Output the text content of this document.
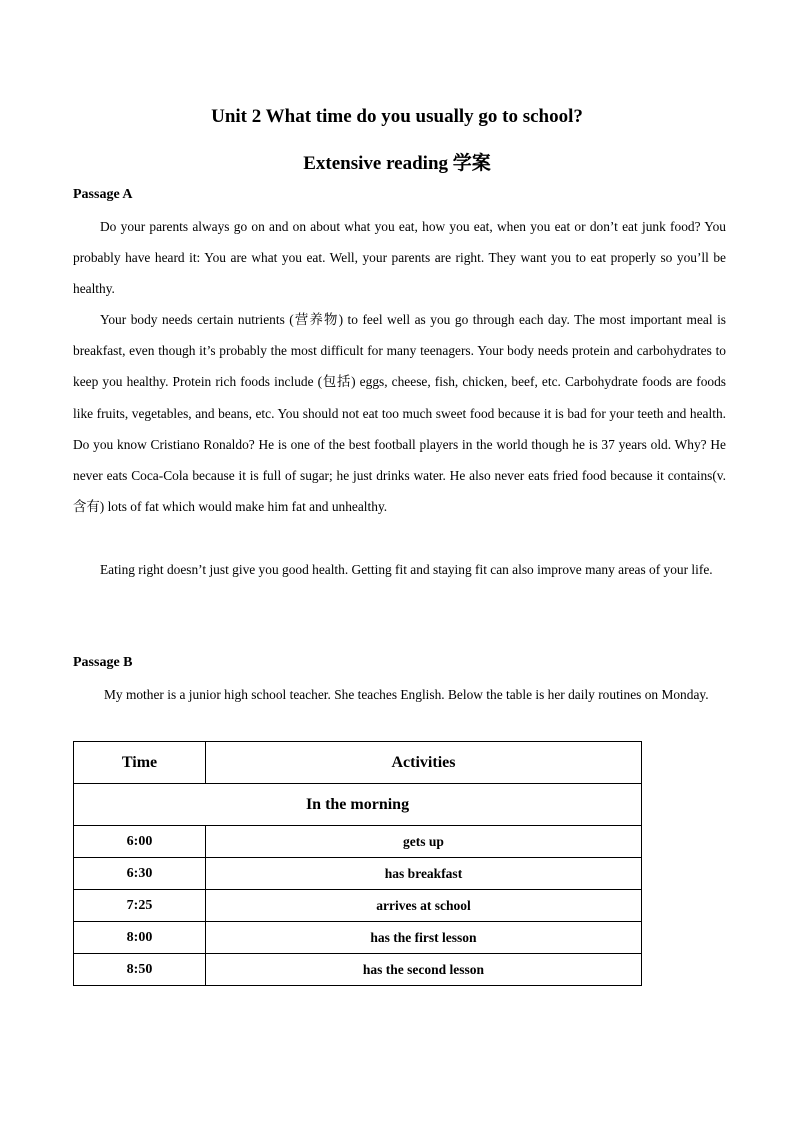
Unit 2 What time do you usually go to school?
Extensive reading 学案
Passage A

Do your parents always go on and on about what you eat, how you eat, when you eat or don’t eat junk food? You probably have heard it: You are what you eat. Well, your parents are right. They want you to eat properly so you’ll be healthy.

Your body needs certain nutrients (营养物) to feel well as you go through each day. The most important meal is breakfast, even though it’s probably the most difficult for many teenagers. Your body needs protein and carbohydrates to keep you healthy. Protein rich foods include (包括) eggs, cheese, fish, chicken, beef, etc. Carbohydrate foods are foods like fruits, vegetables, and beans, etc. You should not eat too much sweet food because it is bad for your teeth and health. Do you know Cristiano Ronaldo? He is one of the best football players in the world though he is 37 years old. Why? He never eats Coca-Cola because it is full of sugar; he just drinks water. He also never eats fried food because it contains(v. 含有) lots of fat which would make him fat and unhealthy.

Eating right doesn’t just give you good health. Getting fit and staying fit can also improve many areas of your life.

Passage B

My mother is a junior high school teacher. She teaches English. Below the table is her daily routines on Monday.

Time	Activities
In the morning	
6:00	gets up
6:30	has breakfast
7:25	arrives at school
8:00	has the first lesson
8:50	has the second lesson
